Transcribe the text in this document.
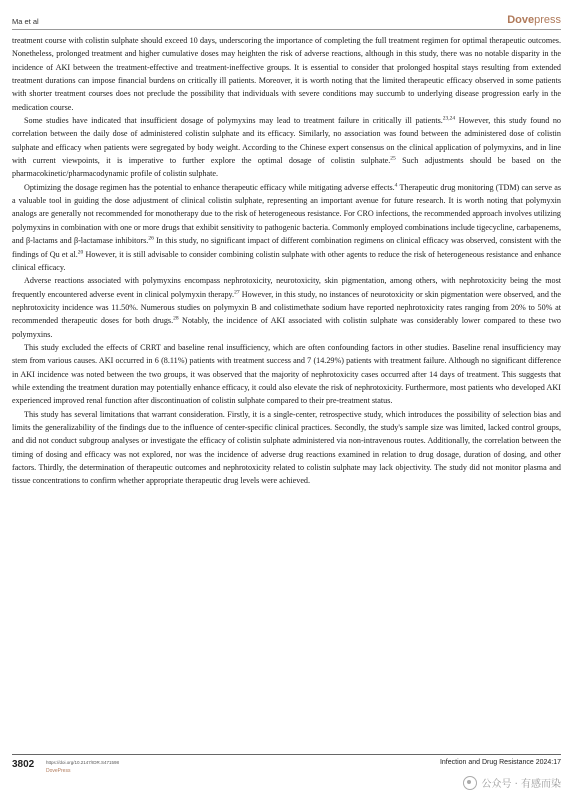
Ma et al	Dovepress

treatment course with colistin sulphate should exceed 10 days, underscoring the importance of completing the full treatment regimen for optimal therapeutic outcomes. Nonetheless, prolonged treatment and higher cumulative doses may heighten the risk of adverse reactions, although in this study, there was no notable disparity in the incidence of AKI between the treatment-effective and treatment-ineffective groups. It is essential to consider that prolonged hospital stays resulting from extended treatment durations can impose financial burdens on critically ill patients. Moreover, it is worth noting that the limited therapeutic efficacy observed in some patients with shorter treatment courses does not preclude the possibility that individuals with severe conditions may succumb to underlying disease progression early in the medication course.

Some studies have indicated that insufficient dosage of polymyxins may lead to treatment failure in critically ill patients.$^{23,24}$ However, this study found no correlation between the daily dose of administered colistin sulphate and its efficacy. Similarly, no association was found between the administered dose of colistin sulphate and efficacy when patients were segregated by body weight. According to the Chinese expert consensus on the clinical application of polymyxins, and in line with current viewpoints, it is imperative to further explore the optimal dosage of colistin sulphate.$^{25}$ Such adjustments should be based on the pharmacokinetic/pharmacodynamic profile of colistin sulphate.

Optimizing the dosage regimen has the potential to enhance therapeutic efficacy while mitigating adverse effects.$^4$ Therapeutic drug monitoring (TDM) can serve as a valuable tool in guiding the dose adjustment of clinical colistin sulphate, representing an important avenue for future research. It is worth noting that polymyxin analogs are generally not recommended for monotherapy due to the risk of heterogeneous resistance. For CRO infections, the recommended approach involves utilizing polymyxins in combination with one or more drugs that exhibit sensitivity to pathogenic bacteria. Commonly employed combinations include tigecycline, carbapenems, and β-lactams and β-lactamase inhibitors.$^{26}$ In this study, no significant impact of different combination regimens on clinical efficacy was observed, consistent with the findings of Qu et al.$^{20}$ However, it is still advisable to consider combining colistin sulphate with other agents to reduce the risk of heterogeneous resistance and enhance clinical efficacy.

Adverse reactions associated with polymyxins encompass nephrotoxicity, neurotoxicity, skin pigmentation, among others, with nephrotoxicity being the most frequently encountered adverse event in clinical polymyxin therapy.$^{27}$ However, in this study, no instances of neurotoxicity or skin pigmentation were observed, and the nephrotoxicity incidence was 11.50%. Numerous studies on polymyxin B and colistimethate sodium have reported nephrotoxicity rates ranging from 20% to 50% at recommended therapeutic doses for both drugs.$^{28}$ Notably, the incidence of AKI associated with colistin sulphate was considerably lower compared to these two polymyxins.

This study excluded the effects of CRRT and baseline renal insufficiency, which are often confounding factors in other studies. Baseline renal insufficiency may stem from various causes. AKI occurred in 6 (8.11%) patients with treatment success and 7 (14.29%) patients with treatment failure. Although no significant difference in AKI incidence was noted between the two groups, it was observed that the majority of nephrotoxicity cases occurred after 14 days of treatment. This suggests that while extending the treatment duration may potentially enhance efficacy, it could also elevate the risk of nephrotoxicity. Furthermore, most patients who developed AKI experienced improved renal function after discontinuation of colistin sulphate compared to their pre-treatment status.

This study has several limitations that warrant consideration. Firstly, it is a single-center, retrospective study, which introduces the possibility of selection bias and limits the generalizability of the findings due to the influence of center-specific clinical practices. Secondly, the study's sample size was limited, lacked control groups, and did not conduct subgroup analyses or investigate the efficacy of colistin sulphate administered via non-intravenous routes. Additionally, the correlation between the timing of dosing and efficacy was not explored, nor was the incidence of adverse drug reactions examined in relation to drug dosage, duration of dosing, and other factors. Thirdly, the determination of therapeutic outcomes and nephrotoxicity related to colistin sulphate may lack objectivity. The study did not monitor plasma and tissue concentrations to confirm whether appropriate therapeutic drug levels were achieved.

3802	https://doi.org/10.2147/IDR.S471598
DovePress
Infection and Drug Resistance 2024:17
公众号 · 有感而染
